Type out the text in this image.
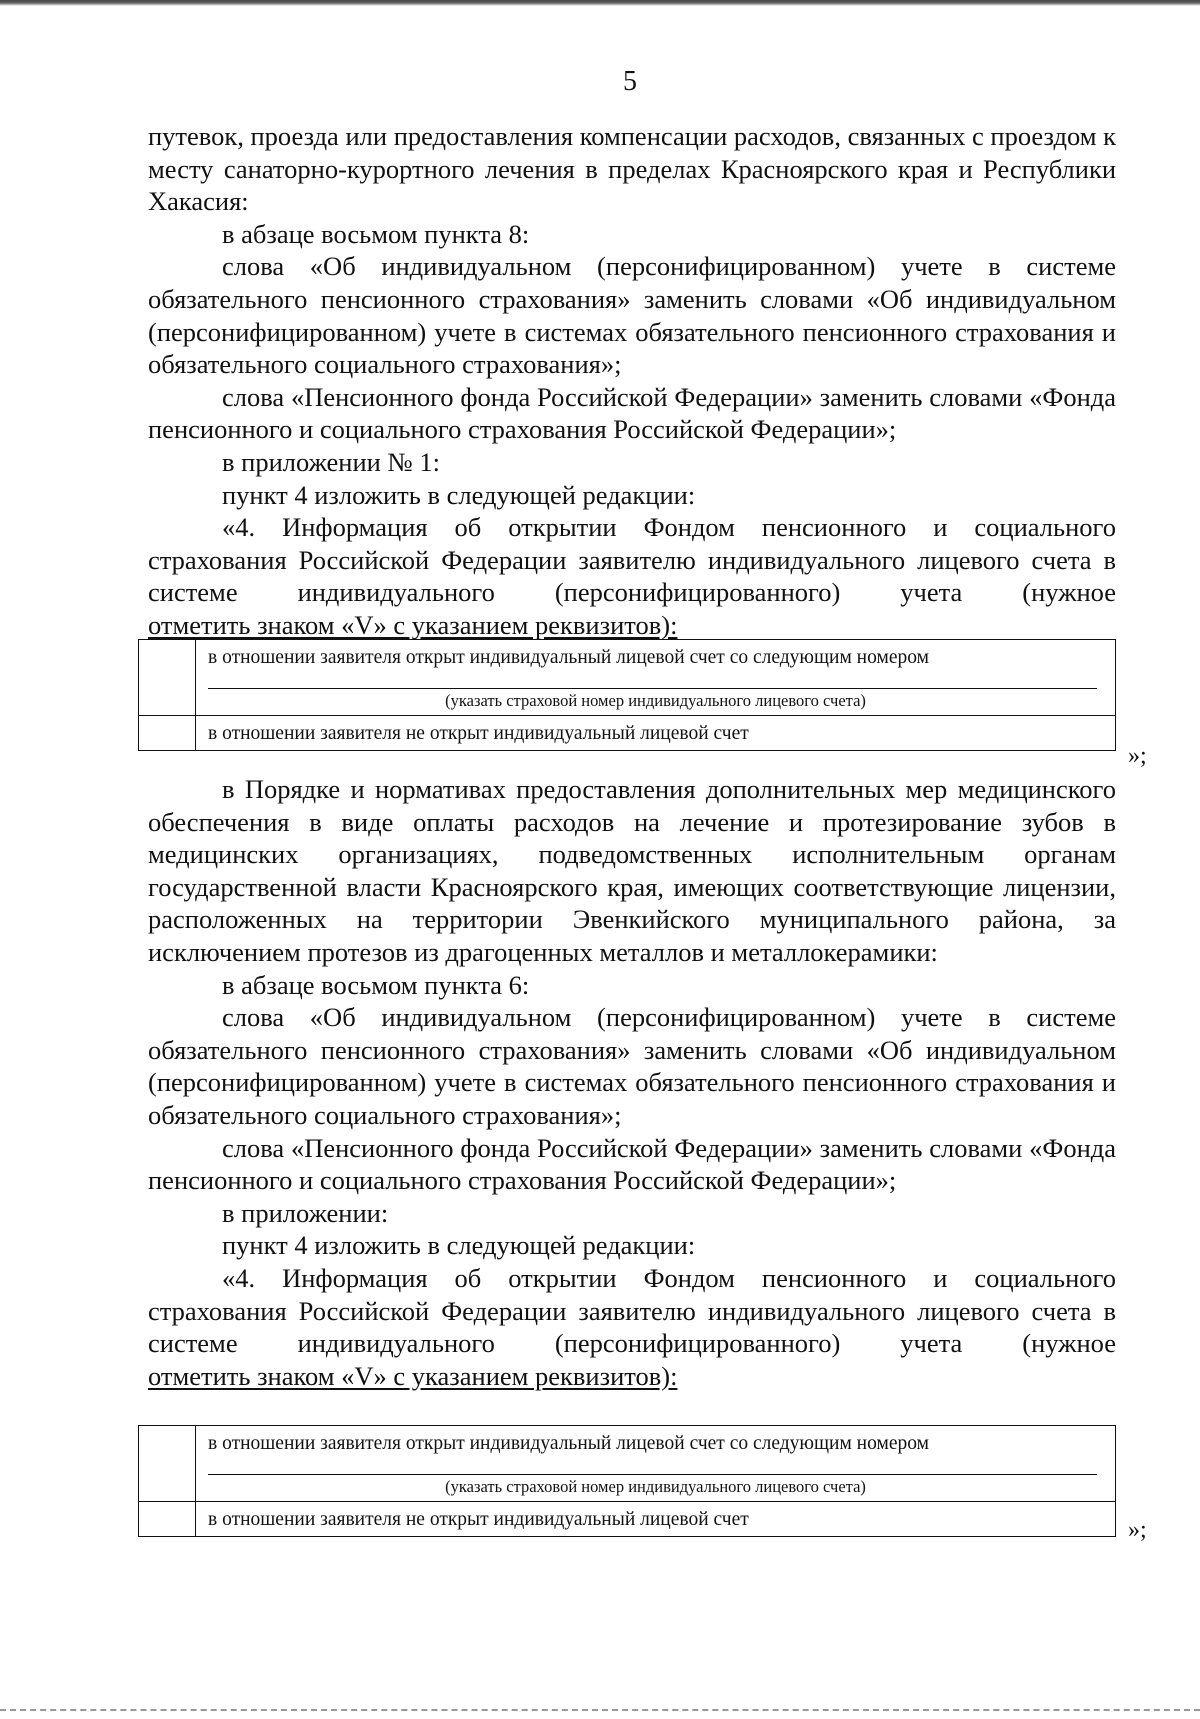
5

путевок, проезда или предоставления компенсации расходов, связанных с проездом к месту санаторно-курортного лечения в пределах Красноярского края и Республики Хакасия:

в абзаце восьмом пункта 8:

слова «Об индивидуальном (персонифицированном) учете в системе обязательного пенсионного страхования» заменить словами «Об индивидуальном (персонифицированном) учете в системах обязательного пенсионного страхования и обязательного социального страхования»;

слова «Пенсионного фонда Российской Федерации» заменить словами «Фонда пенсионного и социального страхования Российской Федерации»;

в приложении № 1:

пункт 4 изложить в следующей редакции:

«4. Информация об открытии Фондом пенсионного и социального страхования Российской Федерации заявителю индивидуального лицевого счета в системе индивидуального (персонифицированного) учета (нужное

отметить знаком «V» с указанием реквизитов):

	в отношении заявителя открыт индивидуальный лицевой счет со следующим номером
(указать страховой номер индивидуального лицевого счета)

	в отношении заявителя не открыт индивидуальный лицевой счет
»;

в Порядке и нормативах предоставления дополнительных мер медицинского обеспечения в виде оплаты расходов на лечение и протезирование зубов в медицинских организациях, подведомственных исполнительным органам государственной власти Красноярского края, имеющих соответствующие лицензии, расположенных на территории Эвенкийского муниципального района, за исключением протезов из драгоценных металлов и металлокерамики:

в абзаце восьмом пункта 6:

слова «Об индивидуальном (персонифицированном) учете в системе обязательного пенсионного страхования» заменить словами «Об индивидуальном (персонифицированном) учете в системах обязательного пенсионного страхования и обязательного социального страхования»;

слова «Пенсионного фонда Российской Федерации» заменить словами «Фонда пенсионного и социального страхования Российской Федерации»;

в приложении:

пункт 4 изложить в следующей редакции:

«4. Информация об открытии Фондом пенсионного и социального страхования Российской Федерации заявителю индивидуального лицевого счета в системе индивидуального (персонифицированного) учета (нужное

отметить знаком «V» с указанием реквизитов):

	в отношении заявителя открыт индивидуальный лицевой счет со следующим номером
(указать страховой номер индивидуального лицевого счета)

	в отношении заявителя не открыт индивидуальный лицевой счет	»;
